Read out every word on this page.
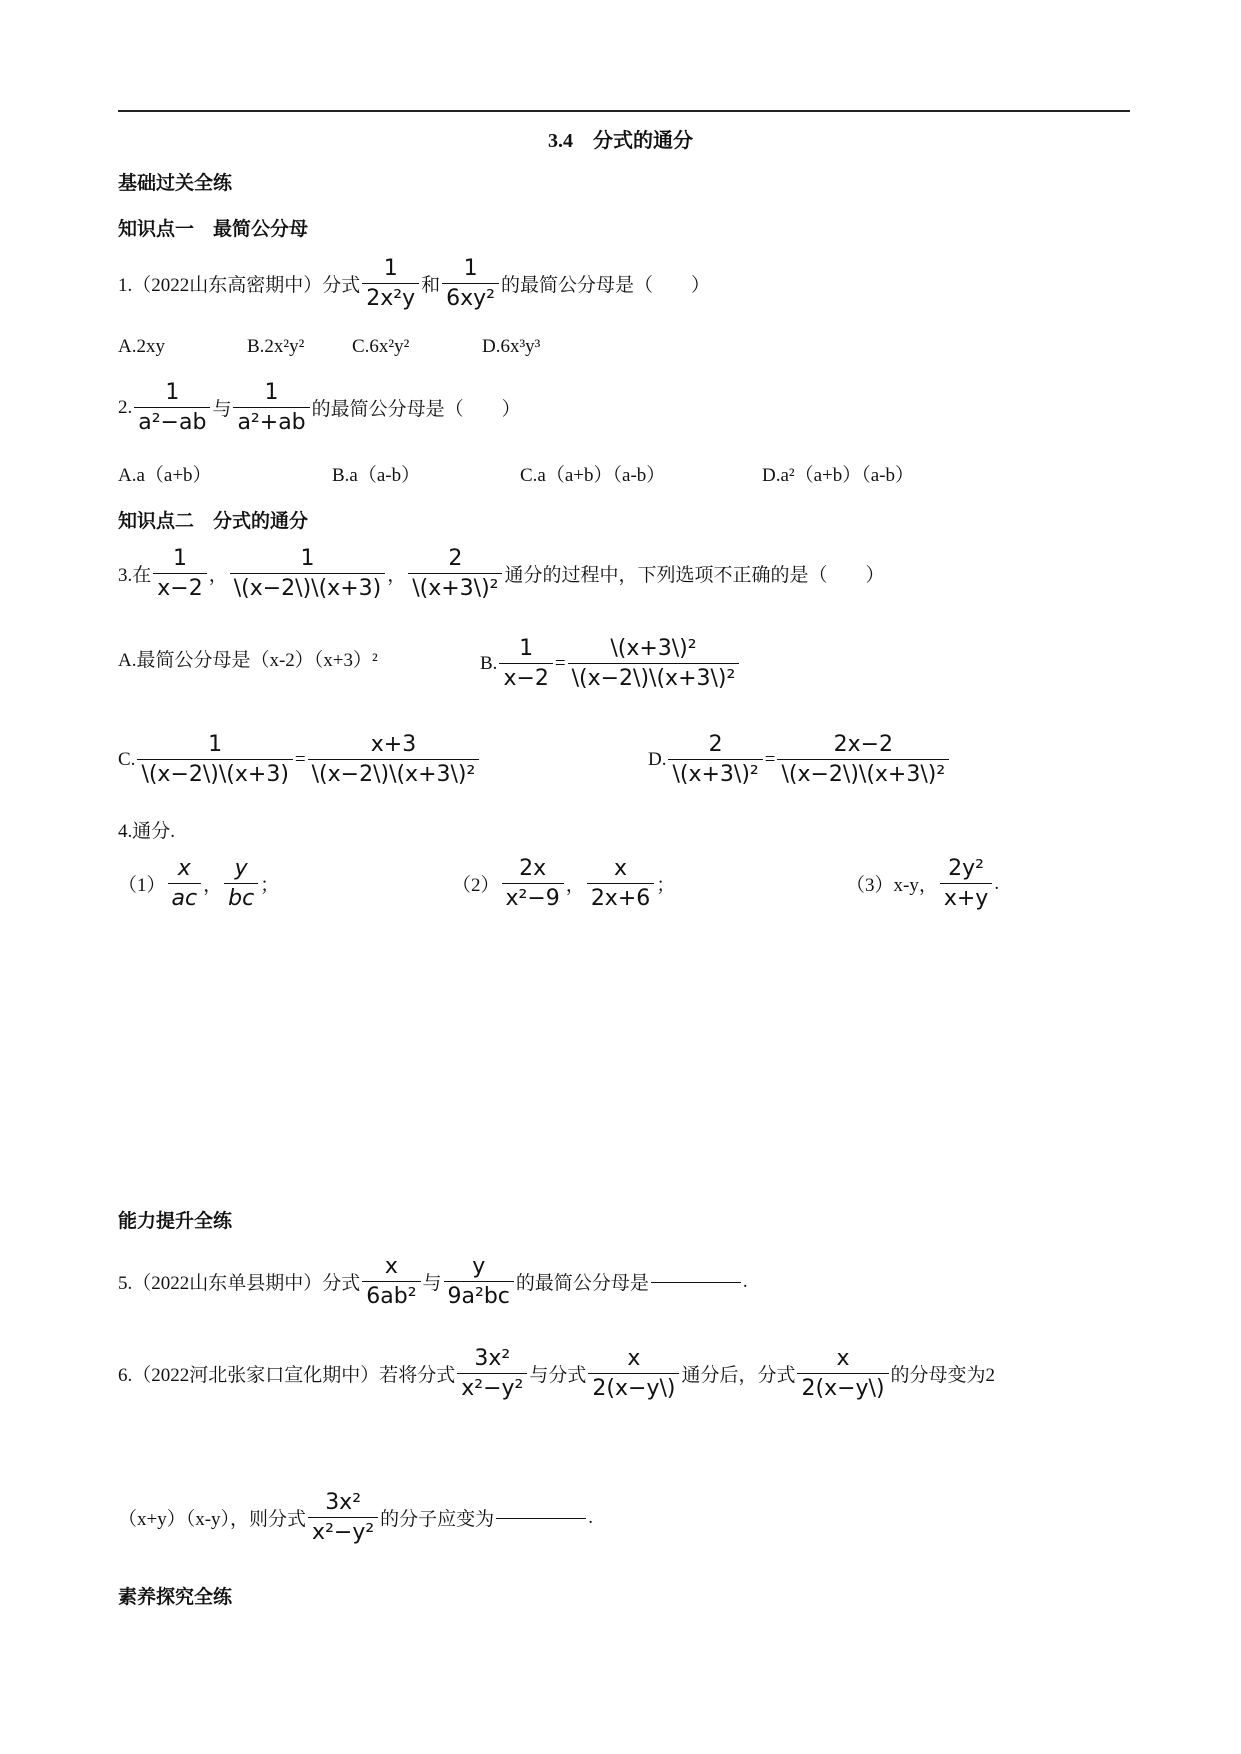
3.4　分式的通分
基础过关全练
知识点一　最简公分母
1.（2022山东高密期中）分式 $\frac{1}{\text{2x²y}}$ 和 $\frac{1}{\text{6xy²}}$ 的最简公分母是（　　）
A.2xy	B.2x²y²	C.6x²y²	D.6x³y³
2. $\frac{1}{\text{a²−ab}}$ 与 $\frac{1}{\text{a²+ab}}$ 的最简公分母是（　　）
A.a（a+b）	B.a（a-b）	C.a（a+b）（a-b）	D.a²（a+b）（a-b）
知识点二　分式的通分
3.在 $\frac{1}{x-2}$ ， $\frac{1}{\backslash(x-2\backslash)\backslash(x+3)}$ ， $\frac{2}{\text{\textbackslash{}(x+3\textbackslash{})²}}$ 通分的过程中，下列选项不正确的是（　　）
A.最简公分母是（x-2）（x+3）²	B. $\frac{1}{x-2} = \frac{\text{\textbackslash{}(x+3\textbackslash{})²}}{\text{\textbackslash{}(x−2\textbackslash{})\textbackslash{}(x+3\textbackslash{})²}}$
C. $\frac{1}{\backslash(x-2\backslash)\backslash(x+3)} = \frac{x+3}{\text{\textbackslash{}(x−2\textbackslash{})\textbackslash{}(x+3\textbackslash{})²}}$	D. $\frac{2}{\text{\textbackslash{}(x+3\textbackslash{})²}} = \frac{2x-2}{\text{\textbackslash{}(x−2\textbackslash{})\textbackslash{}(x+3\textbackslash{})²}}$
4.通分.
$(1) \frac{x}{ac}$ ， $\frac{y}{bc}$ ；	$(2) \frac{2x}{\text{x²−9}}$ ， $\frac{x}{2x+6}$ ；	（3）x-y， $\frac{\text{2y²}}{x+y}$ .
能力提升全练
5.（2022山东单县期中）分式 $\frac{x}{\text{6ab²}}$ 与 $\frac{y}{\text{9a²bc}}$ 的最简公分母是	.
6.（2022河北张家口宣化期中）若将分式 $\frac{\text{3x²}}{\text{x²−y²}}$ 与分式 $\frac{x}{2(x-y\backslash)}$ 通分后，分式 $\frac{x}{2(x-y\backslash)}$ 的分母变为2
（x+y）（x-y），则分式 $\frac{\text{3x²}}{\text{x²−y²}}$ 的分子应变为	.
素养探究全练
